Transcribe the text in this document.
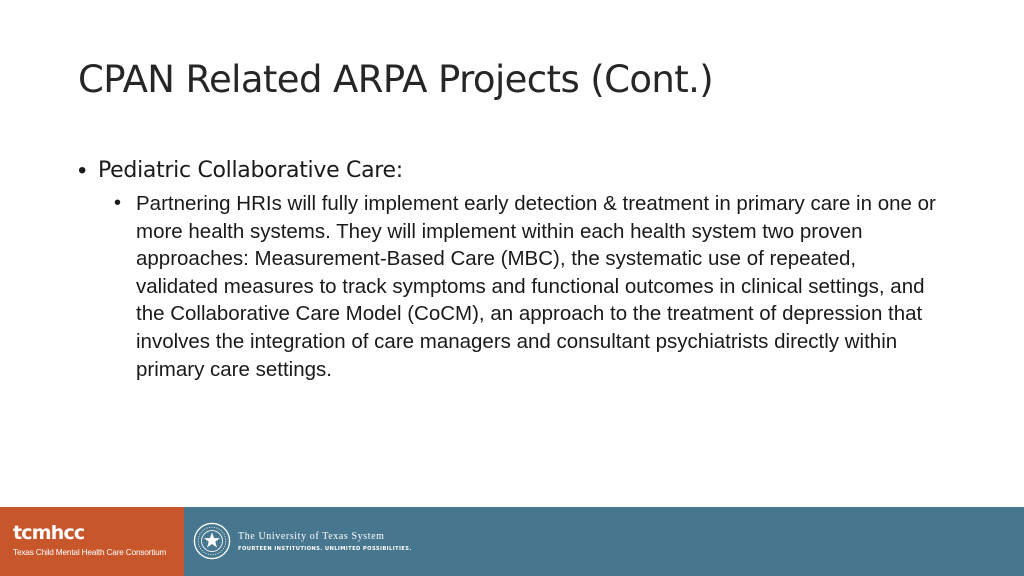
CPAN Related ARPA Projects (Cont.)
• Pediatric Collaborative Care:
• Partnering HRIs will fully implement early detection & treatment in primary care in one or more health systems. They will implement within each health system two proven approaches: Measurement-Based Care (MBC), the systematic use of repeated, validated measures to track symptoms and functional outcomes in clinical settings, and the Collaborative Care Model (CoCM), an approach to the treatment of depression that involves the integration of care managers and consultant psychiatrists directly within primary care settings.
tcmhcc
Texas Child Mental Health Care Consortium
The University of Texas System
FOURTEEN INSTITUTIONS. UNLIMITED POSSIBILITIES.
